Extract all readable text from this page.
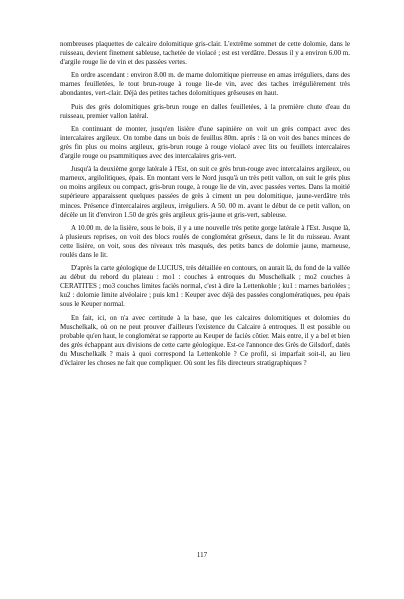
nombreuses plaquettes de calcaire dolomitique gris-clair. L'extrême sommet de cette dolomie, dans le ruisseau, devient finement sableuse, tachetée de violacé ; est est verdâtre. Dessus il y a environ 6.00 m. d'argile rouge lie de vin et des passées vertes.

En ordre ascendant : environ 8.00 m. de marne dolomitique pierreuse en amas irréguliers, dans des marnes feuilletées, le tout brun-rouge à rouge lie-de vin, avec des taches irrégulièrement très abondantes, vert-clair. Déjà des petites taches dolomitiques grêseuses en haut.

Puis des grès dolomitiques gris-brun rouge en dalles feuilletées, à la première chute d'eau du ruisseau, premier vallon latéral.

En continuant de monter, jusqu'en lisière d'une sapinière on voit un grès compact avec des intercalaires argileux. On tombe dans un bois de feuillus 80m. après : là on voit des bancs minces de grès fin plus ou moins argileux, gris-brun rouge à rouge violacé avec lits ou feuillets intercalaires d'argile rouge ou psammitiques avec des intercalaires gris-vert.

Jusqu'à la deuxième gorge latérale à l'Est, on suit ce grès brun-rouge avec intercalaires argileux, ou marneux, argilolitiques, épais. En montant vers le Nord jusqu'à un très petit vallon, on suit le grès plus ou moins argileux ou compact, gris-brun rouge, à rouge lie de vin, avec passées vertes. Dans la moitié supérieure apparaissent quelques passées de grès à ciment un peu dolomitique, jaune-verdâtre très minces. Présence d'intercalaires argileux, irréguliers. A 50. 00 m. avant le début de ce petit vallon, on décèle un lit d'environ 1.50 de grès grès argileux gris-jaune et gris-vert, sableuse.

A 10.00 m. de la lisière, sous le bois, il y a une nouvelle très petite gorge latérale à l'Est. Jusque là, à plusieurs reprises, on voit des blocs roulés de conglomérat grêseux, dans le lit du ruisseau. Avant cette lisière, on voit, sous des niveaux très masqués, des petits bancs de dolomie jaune, marneuse, roulés dans le lit.

D'après la carte géologique de LUCIUS, très détaillée en contours, on aurait là, du fond de la vallée au début du rebord du plateau : mo1 : couches à entroques du Muschelkalk ; mo2 couches à CERATITES ; mo3 couches limites faciès normal, c'est à dire la Lettenkohle ; ku1 : marnes bariolées ; ku2 : dolomie limite alvéolaire ; puis km1 : Keuper avec déjà des passées conglomératiques, peu épais sous le Keuper normal.

En fait, ici, on n'a avec certitude à la base, que les calcaires dolomitiques et dolomies du Muschelkalk, où on ne peut prouver d'ailleurs l'existence du Calcaire à entroques. Il est possible ou probable qu'en haut, le conglomérat se rapporte au Keuper de faciès côtier. Mais entre, il y a bel et bien des grès échappant aux divisions de cette carte géologique. Est-ce l'annonce des Grès de Gilsdorf, datés du Muschelkalk ? mais à quoi correspond la Lettenkohle ? Ce profil, si imparfait soit-il, au lieu d'éclairer les choses ne fait que compliquer. Où sont les fils directeurs stratigraphiques ?

117
